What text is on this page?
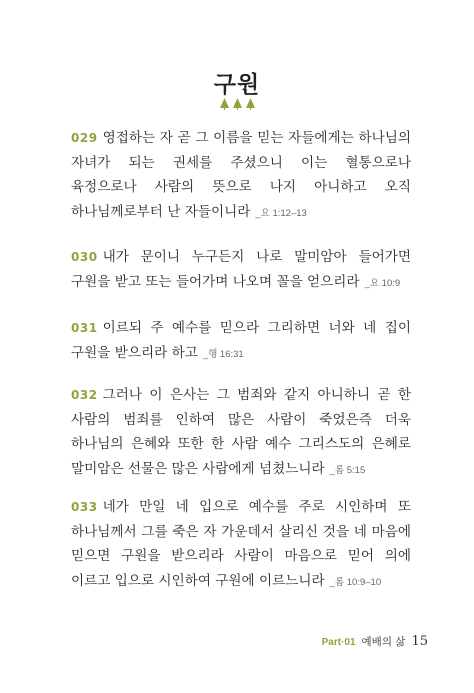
구원
029 영접하는 자 곧 그 이름을 믿는 자들에게는 하나님의 자녀가 되는 권세를 주셨으니 이는 혈통으로나 육정으로나 사람의 뜻으로 나지 아니하고 오직 하나님께로부터 난 자들이니라 _요 1:12–13
030 내가 문이니 누구든지 나로 말미암아 들어가면 구원을 받고 또는 들어가며 나오며 꼴을 얻으리라 _요 10:9
031 이르되 주 예수를 믿으라 그리하면 너와 네 집이 구원을 받으리라 하고 _행 16:31
032 그러나 이 은사는 그 범죄와 같지 아니하니 곧 한 사람의 범죄를 인하여 많은 사람이 죽었은즉 더욱 하나님의 은혜와 또한 한 사람 예수 그리스도의 은혜로 말미암은 선물은 많은 사람에게 넘쳤느니라 _롬 5:15
033 네가 만일 네 입으로 예수를 주로 시인하며 또 하나님께서 그를 죽은 자 가운데서 살리신 것을 네 마음에 믿으면 구원을 받으리라 사람이 마음으로 믿어 의에 이르고 입으로 시인하여 구원에 이르느니라 _롬 10:9–10
Part·01 예배의 삶 15
